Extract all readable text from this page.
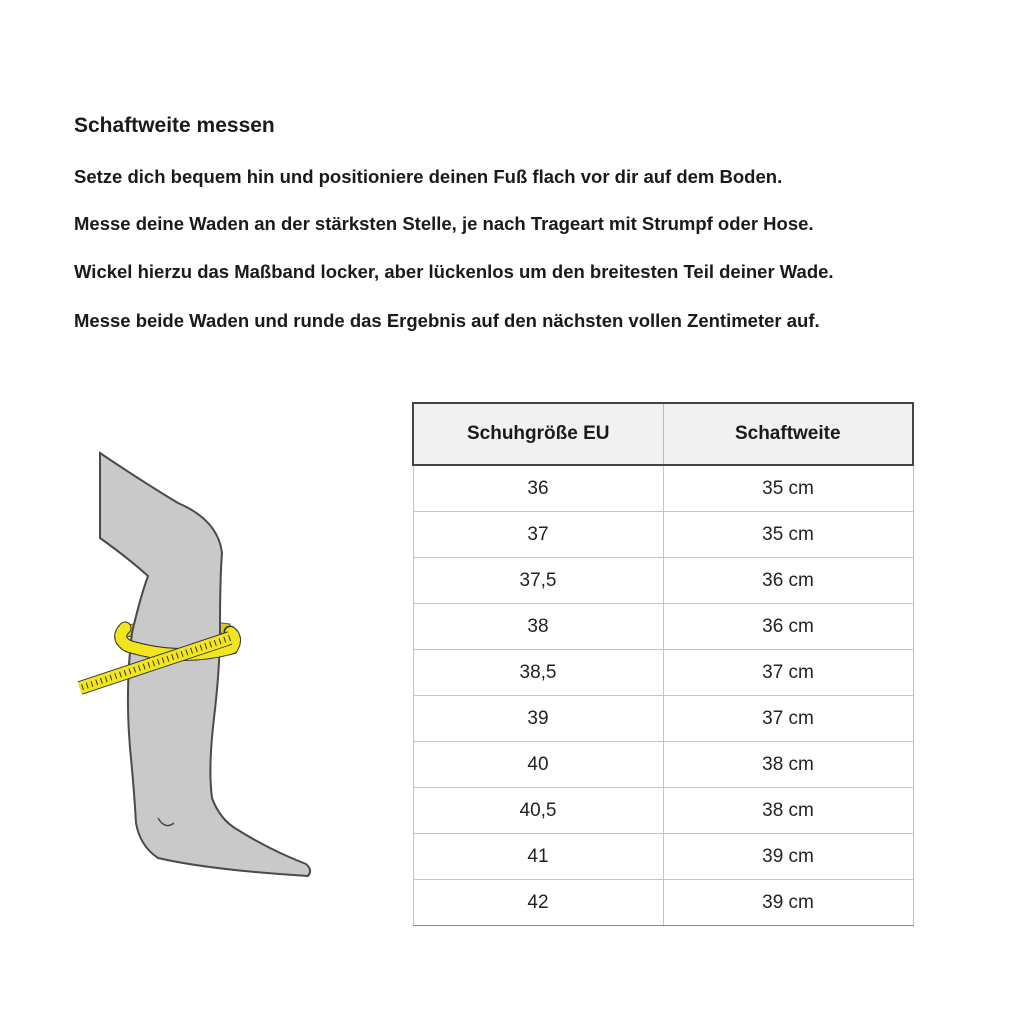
Schaftweite messen

Setze dich bequem hin und positioniere deinen Fuß flach vor dir auf dem Boden.

Messe deine Waden an der stärksten Stelle, je nach Trageart mit Strumpf oder Hose.

Wickel hierzu das Maßband locker, aber lückenlos um den breitesten Teil deiner Wade.

Messe beide Waden und runde das Ergebnis auf den nächsten vollen Zentimeter auf.

Schuhgröße EU	Schaftweite
36	35 cm
37	35 cm
37,5	36 cm
38	36 cm
38,5	37 cm
39	37 cm
40	38 cm
40,5	38 cm
41	39 cm
42	39 cm
